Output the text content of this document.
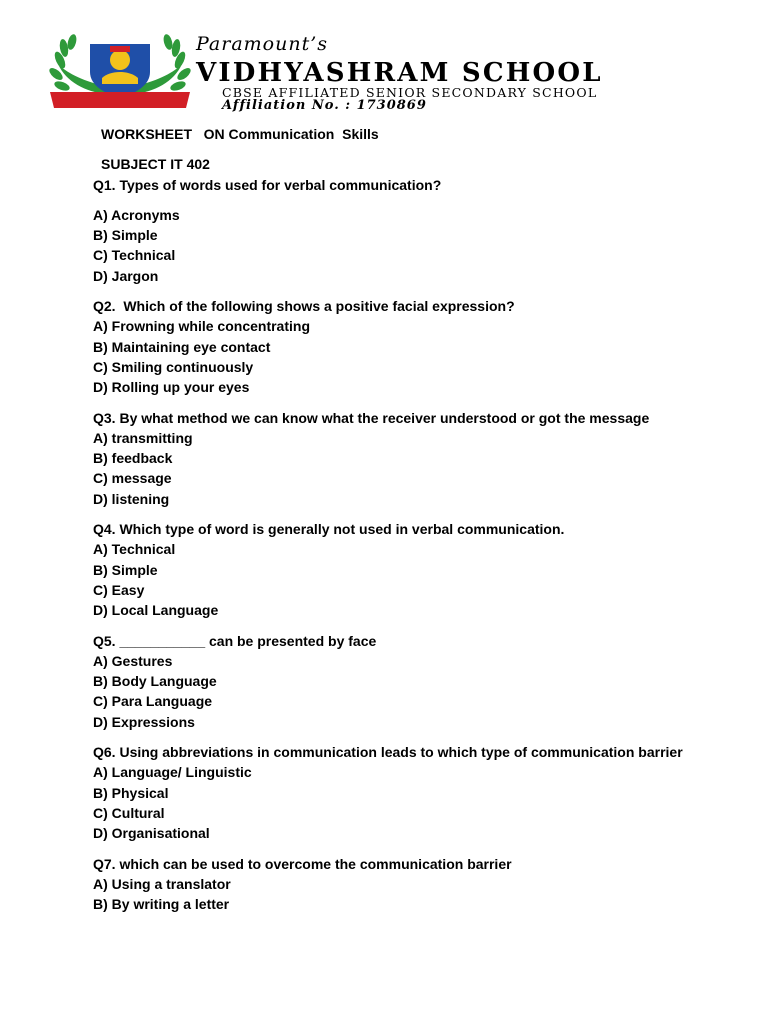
Paramount’s
VIDHYASHRAM SCHOOL
CBSE AFFILIATED SENIOR SECONDARY SCHOOL
Affiliation No. : 1730869
WORKSHEET   ON Communication  Skills
SUBJECT IT 402
Q1. Types of words used for verbal communication?
A) Acronyms
B) Simple
C) Technical
D) Jargon
Q2.  Which of the following shows a positive facial expression?
A) Frowning while concentrating
B) Maintaining eye contact
C) Smiling continuously
D) Rolling up your eyes
Q3. By what method we can know what the receiver understood or got the message
A) transmitting
B) feedback
C) message
D) listening
Q4. Which type of word is generally not used in verbal communication.
A) Technical
B) Simple
C) Easy
D) Local Language
Q5. ___________ can be presented by face
A) Gestures
B) Body Language
C) Para Language
D) Expressions
Q6. Using abbreviations in communication leads to which type of communication barrier
A) Language/ Linguistic
B) Physical
C) Cultural
D) Organisational
Q7. which can be used to overcome the communication barrier
A) Using a translator
B) By writing a letter
